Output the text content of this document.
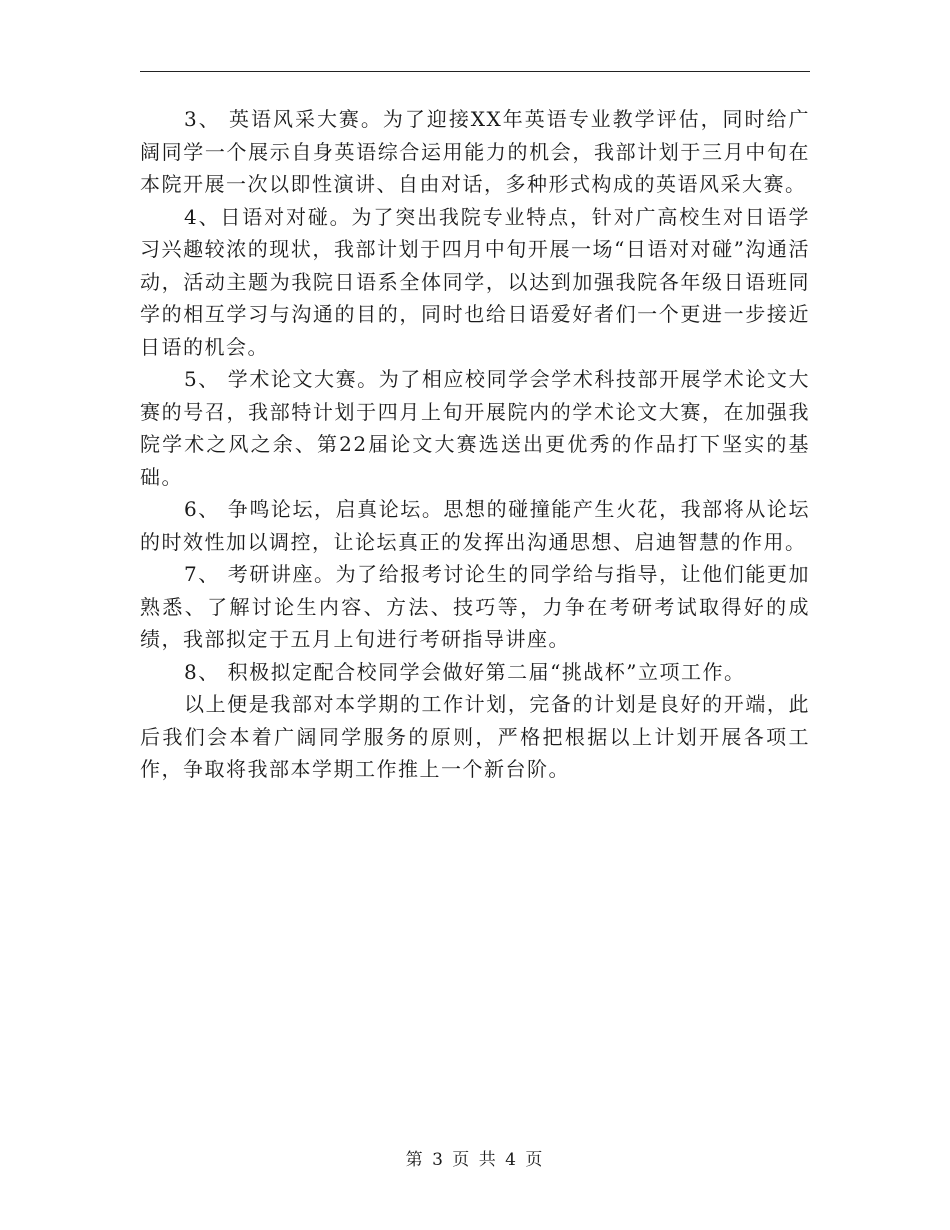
3、 英语风采大赛。为了迎接XX年英语专业教学评估，同时给广阔同学一个展示自身英语综合运用能力的机会，我部计划于三月中旬在本院开展一次以即性演讲、自由对话，多种形式构成的英语风采大赛。

4、日语对对碰。为了突出我院专业特点，针对广高校生对日语学习兴趣较浓的现状，我部计划于四月中旬开展一场“日语对对碰”沟通活动，活动主题为我院日语系全体同学，以达到加强我院各年级日语班同学的相互学习与沟通的目的，同时也给日语爱好者们一个更进一步接近日语的机会。

5、 学术论文大赛。为了相应校同学会学术科技部开展学术论文大赛的号召，我部特计划于四月上旬开展院内的学术论文大赛，在加强我院学术之风之余、第22届论文大赛选送出更优秀的作品打下坚实的基础。

6、 争鸣论坛，启真论坛。思想的碰撞能产生火花，我部将从论坛的时效性加以调控，让论坛真正的发挥出沟通思想、启迪智慧的作用。

7、 考研讲座。为了给报考讨论生的同学给与指导，让他们能更加熟悉、了解讨论生内容、方法、技巧等，力争在考研考试取得好的成绩，我部拟定于五月上旬进行考研指导讲座。

8、 积极拟定配合校同学会做好第二届“挑战杯”立项工作。

以上便是我部对本学期的工作计划，完备的计划是良好的开端，此后我们会本着广阔同学服务的原则，严格把根据以上计划开展各项工作，争取将我部本学期工作推上一个新台阶。

第 3 页 共 4 页
